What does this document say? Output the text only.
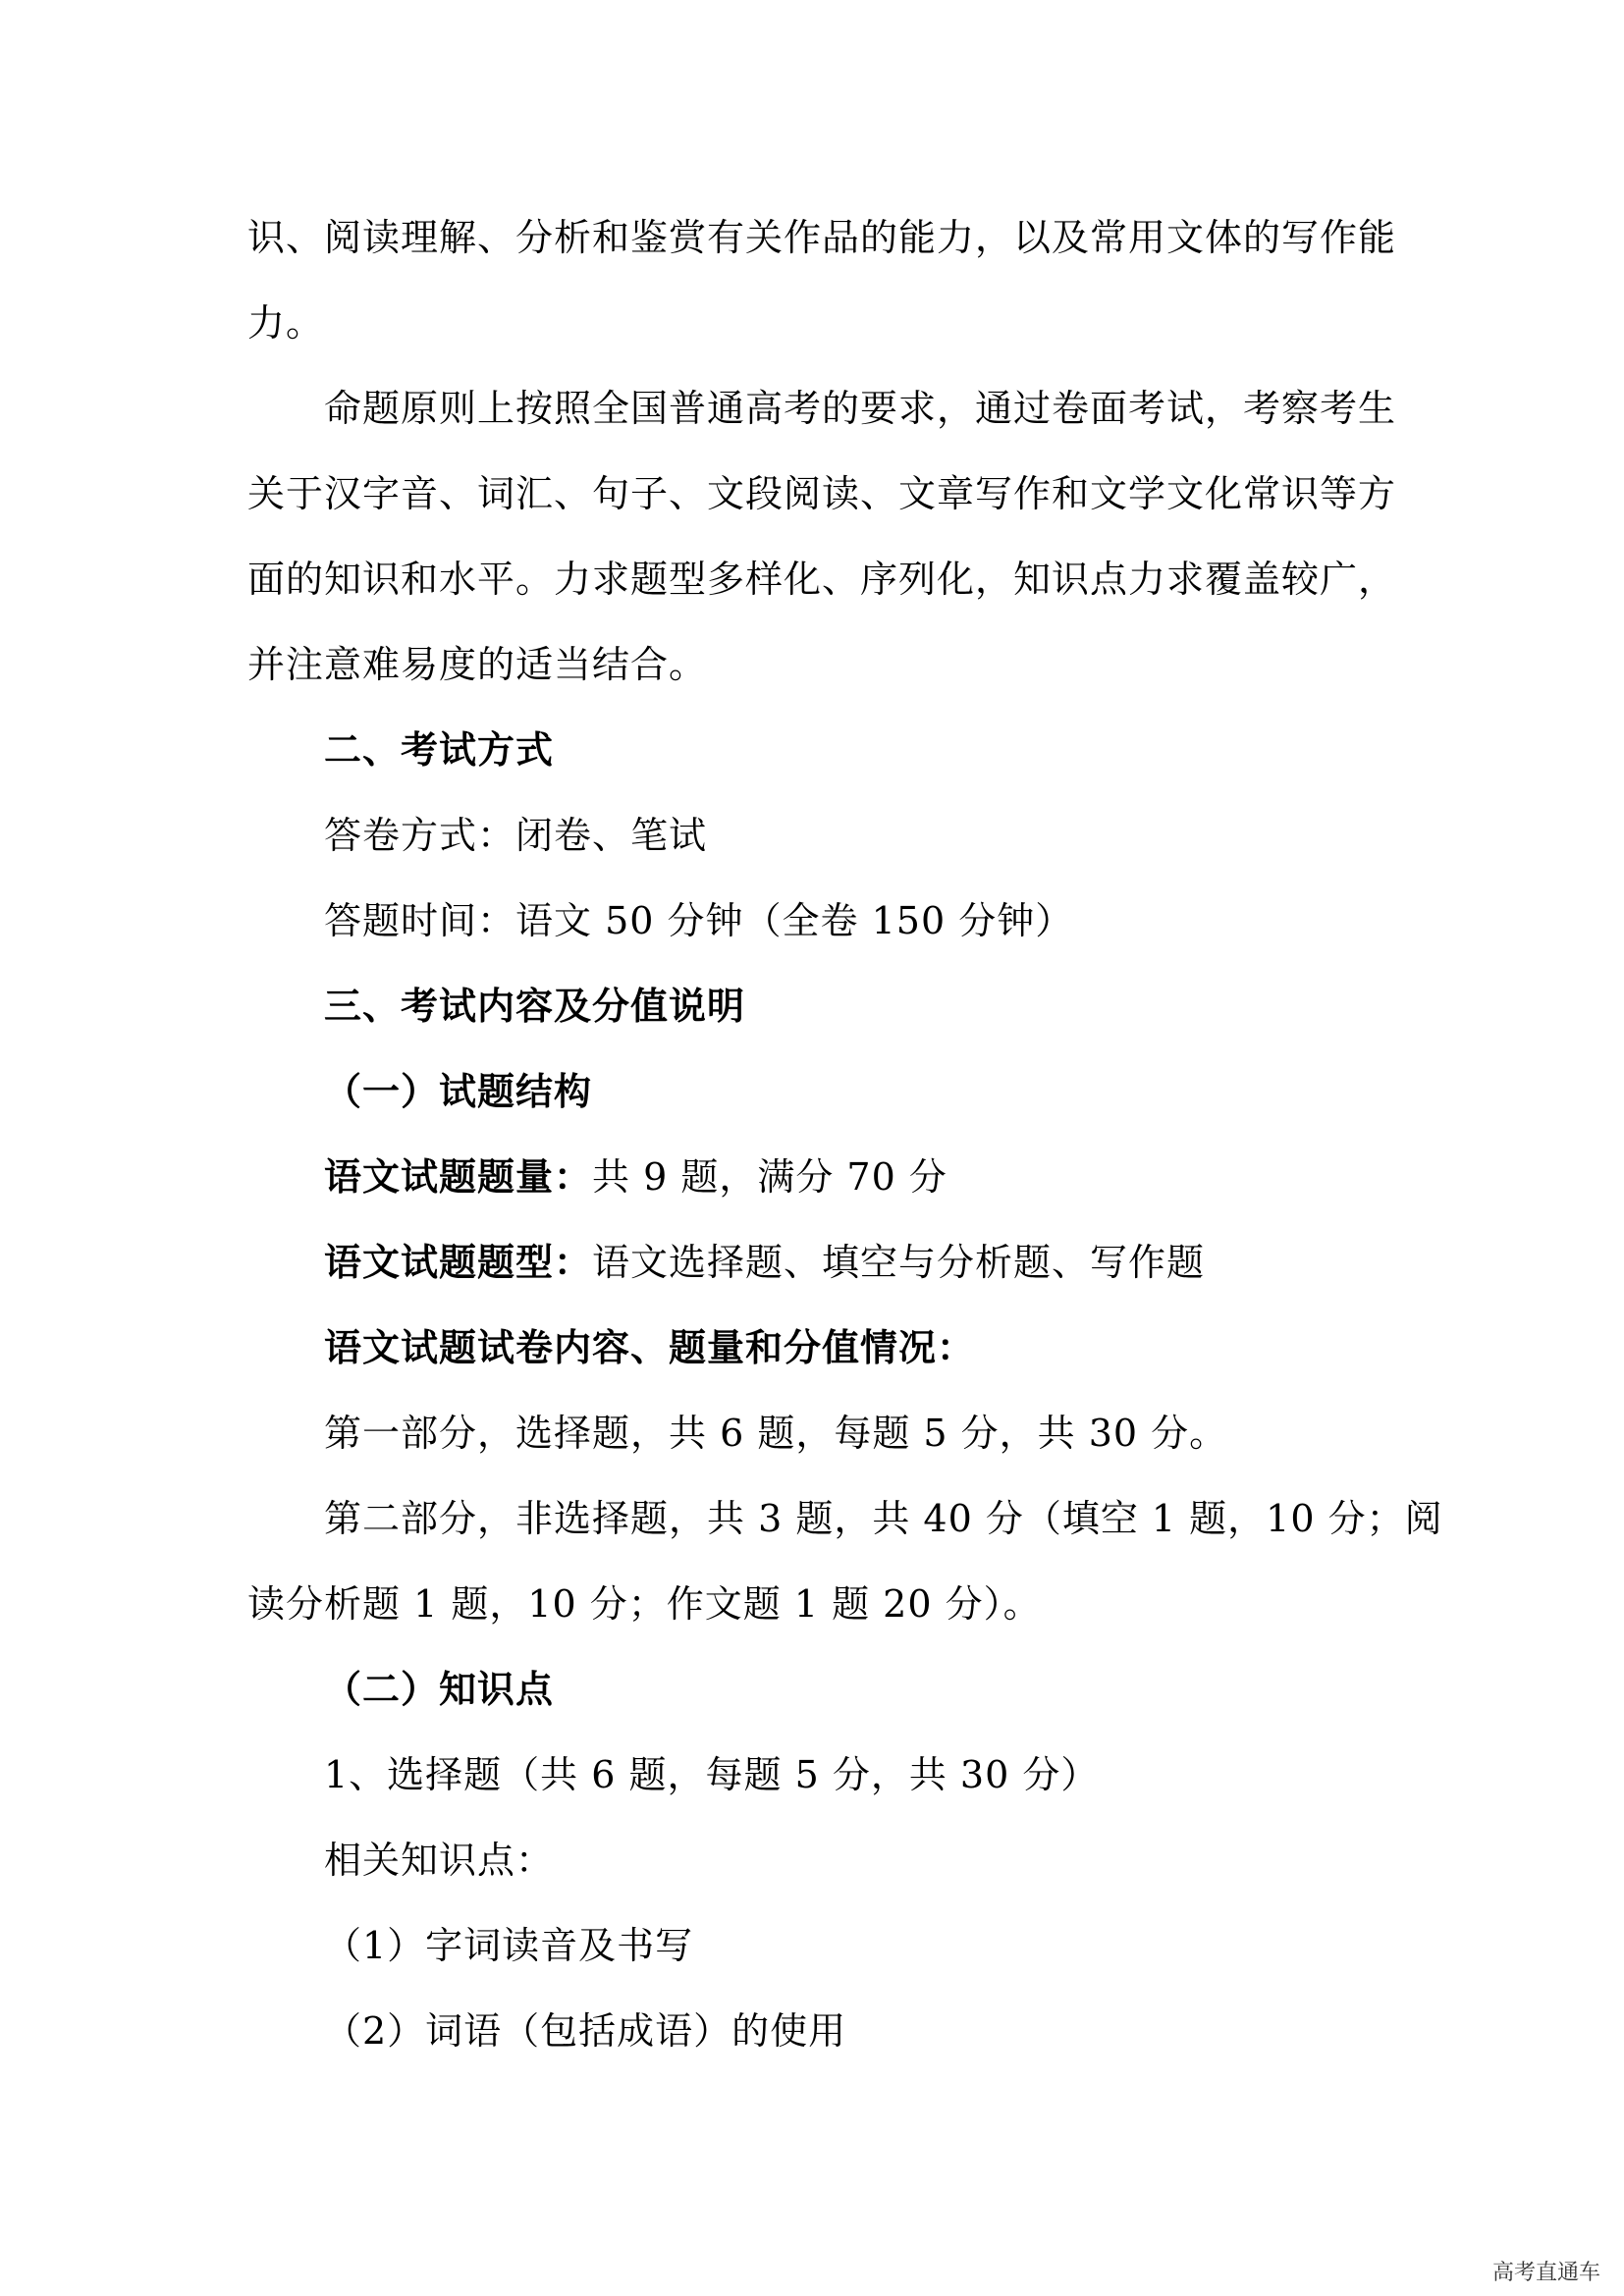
识、阅读理解、分析和鉴赏有关作品的能力，以及常用文体的写作能
力。
命题原则上按照全国普通高考的要求，通过卷面考试，考察考生
关于汉字音、词汇、句子、文段阅读、文章写作和文学文化常识等方
面的知识和水平。力求题型多样化、序列化，知识点力求覆盖较广，
并注意难易度的适当结合。
二、考试方式
答卷方式：闭卷、笔试
答题时间：语文 50 分钟（全卷 150 分钟）
三、考试内容及分值说明
（一）试题结构
语文试题题量：共 9 题，满分 70 分
语文试题题型：语文选择题、填空与分析题、写作题
语文试题试卷内容、题量和分值情况：
第一部分，选择题，共 6 题，每题 5 分，共 30 分。
第二部分，非选择题，共 3 题，共 40 分（填空 1 题，10 分；阅
读分析题 1 题，10 分；作文题 1 题 20 分）。
（二）知识点
1、选择题（共 6 题，每题 5 分，共 30 分）
相关知识点：
（1）字词读音及书写
（2）词语（包括成语）的使用
高考直通车
